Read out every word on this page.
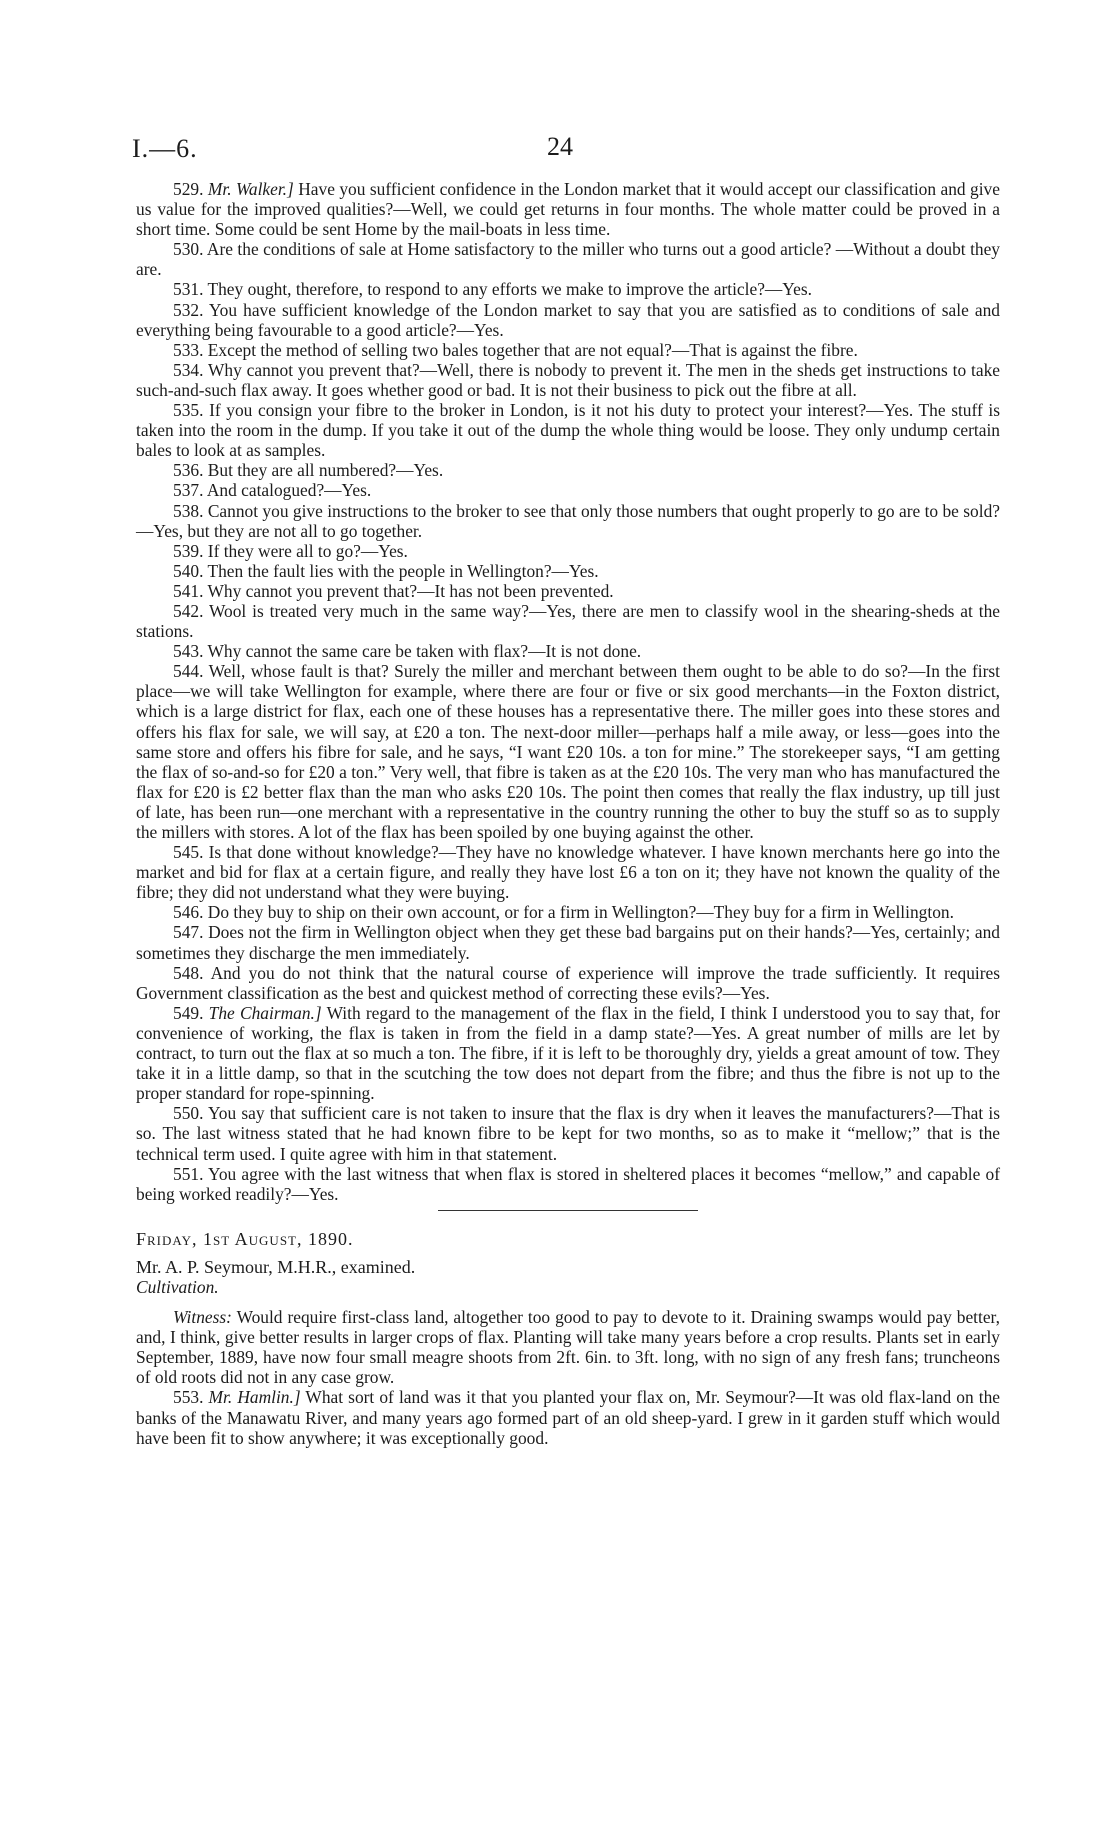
I.—6.	24

529. Mr. Walker.] Have you sufficient confidence in the London market that it would accept our classification and give us value for the improved qualities?—Well, we could get returns in four months. The whole matter could be proved in a short time. Some could be sent Home by the mail-boats in less time.

530. Are the conditions of sale at Home satisfactory to the miller who turns out a good article? —Without a doubt they are.

531. They ought, therefore, to respond to any efforts we make to improve the article?—Yes.

532. You have sufficient knowledge of the London market to say that you are satisfied as to conditions of sale and everything being favourable to a good article?—Yes.

533. Except the method of selling two bales together that are not equal?—That is against the fibre.

534. Why cannot you prevent that?—Well, there is nobody to prevent it. The men in the sheds get instructions to take such-and-such flax away. It goes whether good or bad. It is not their business to pick out the fibre at all.

535. If you consign your fibre to the broker in London, is it not his duty to protect your interest?—Yes. The stuff is taken into the room in the dump. If you take it out of the dump the whole thing would be loose. They only undump certain bales to look at as samples.

536. But they are all numbered?—Yes.

537. And catalogued?—Yes.

538. Cannot you give instructions to the broker to see that only those numbers that ought properly to go are to be sold?—Yes, but they are not all to go together.

539. If they were all to go?—Yes.

540. Then the fault lies with the people in Wellington?—Yes.

541. Why cannot you prevent that?—It has not been prevented.

542. Wool is treated very much in the same way?—Yes, there are men to classify wool in the shearing-sheds at the stations.

543. Why cannot the same care be taken with flax?—It is not done.

544. Well, whose fault is that? Surely the miller and merchant between them ought to be able to do so?—In the first place—we will take Wellington for example, where there are four or five or six good merchants—in the Foxton district, which is a large district for flax, each one of these houses has a representative there. The miller goes into these stores and offers his flax for sale, we will say, at £20 a ton. The next-door miller—perhaps half a mile away, or less—goes into the same store and offers his fibre for sale, and he says, “I want £20 10s. a ton for mine.” The storekeeper says, “I am getting the flax of so-and-so for £20 a ton.” Very well, that fibre is taken as at the £20 10s. The very man who has manufactured the flax for £20 is £2 better flax than the man who asks £20 10s. The point then comes that really the flax industry, up till just of late, has been run—one merchant with a representative in the country running the other to buy the stuff so as to supply the millers with stores. A lot of the flax has been spoiled by one buying against the other.

545. Is that done without knowledge?—They have no knowledge whatever. I have known merchants here go into the market and bid for flax at a certain figure, and really they have lost £6 a ton on it; they have not known the quality of the fibre; they did not understand what they were buying.

546. Do they buy to ship on their own account, or for a firm in Wellington?—They buy for a firm in Wellington.

547. Does not the firm in Wellington object when they get these bad bargains put on their hands?—Yes, certainly; and sometimes they discharge the men immediately.

548. And you do not think that the natural course of experience will improve the trade sufficiently. It requires Government classification as the best and quickest method of correcting these evils?—Yes.

549. The Chairman.] With regard to the management of the flax in the field, I think I understood you to say that, for convenience of working, the flax is taken in from the field in a damp state?—Yes. A great number of mills are let by contract, to turn out the flax at so much a ton. The fibre, if it is left to be thoroughly dry, yields a great amount of tow. They take it in a little damp, so that in the scutching the tow does not depart from the fibre; and thus the fibre is not up to the proper standard for rope-spinning.

550. You say that sufficient care is not taken to insure that the flax is dry when it leaves the manufacturers?—That is so. The last witness stated that he had known fibre to be kept for two months, so as to make it “mellow;” that is the technical term used. I quite agree with him in that statement.

551. You agree with the last witness that when flax is stored in sheltered places it becomes “mellow,” and capable of being worked readily?—Yes.

Friday, 1st August, 1890.

Mr. A. P. Seymour, M.H.R., examined.

Cultivation.

Witness: Would require first-class land, altogether too good to pay to devote to it. Draining swamps would pay better, and, I think, give better results in larger crops of flax. Planting will take many years before a crop results. Plants set in early September, 1889, have now four small meagre shoots from 2ft. 6in. to 3ft. long, with no sign of any fresh fans; truncheons of old roots did not in any case grow.

553. Mr. Hamlin.] What sort of land was it that you planted your flax on, Mr. Seymour?—It was old flax-land on the banks of the Manawatu River, and many years ago formed part of an old sheep-yard. I grew in it garden stuff which would have been fit to show anywhere; it was exceptionally good.
